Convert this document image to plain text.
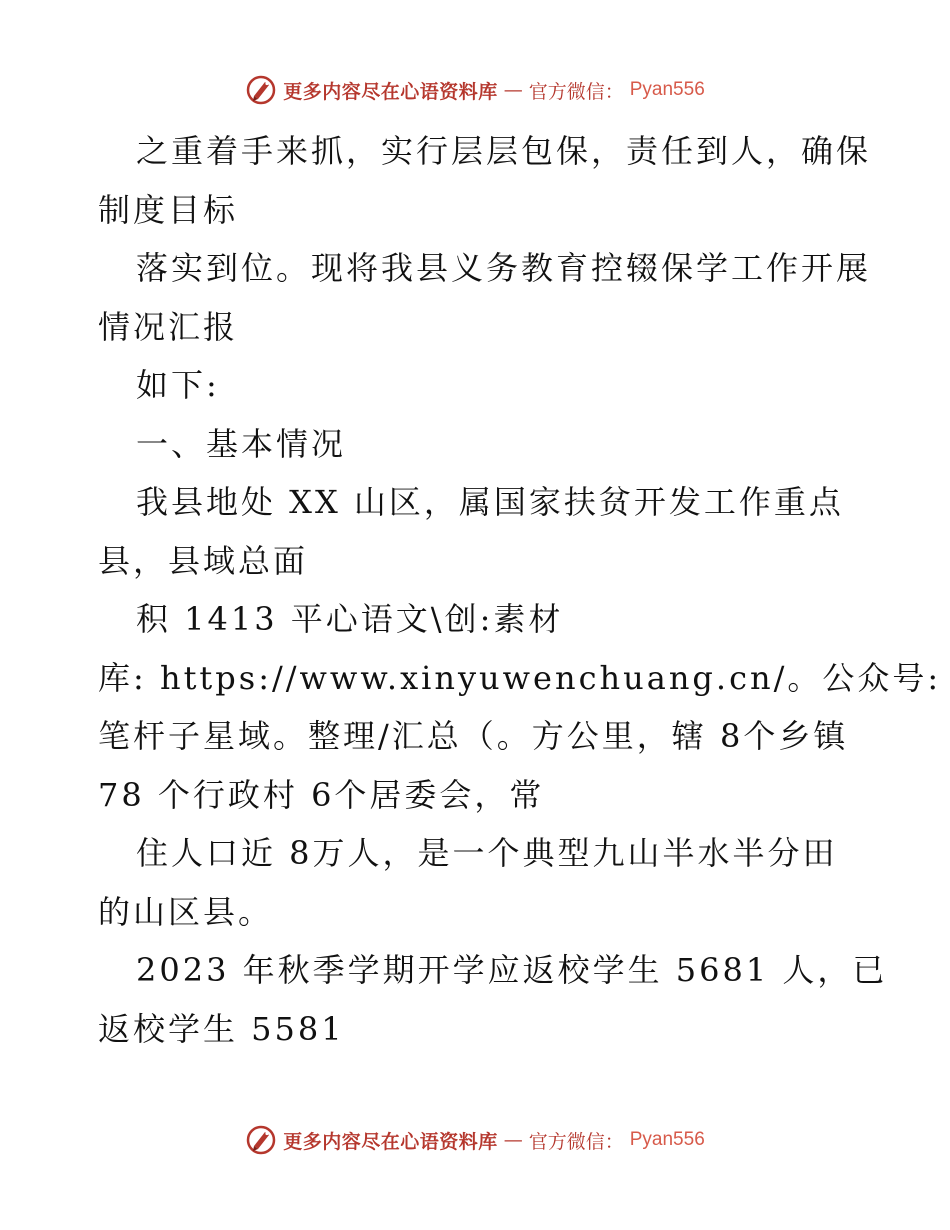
更多内容尽在心语资料库 — 官方微信： Pyan556
之重着手来抓，实行层层包保，责任到人，确保
制度目标
落实到位。现将我县义务教育控辍保学工作开展
情况汇报
如下:
一、基本情况
我县地处 XX 山区，属国家扶贫开发工作重点
县，县域总面
积 1413 平心语文\创:素材
库: https://www.xinyuwenchuang.cn/。公众号:
笔杆子星域。整理/汇总（。方公里，辖 8个乡镇
78 个行政村 6个居委会，常
住人口近 8万人，是一个典型九山半水半分田
的山区县。
2023 年秋季学期开学应返校学生 5681 人，已
返校学生 5581
更多内容尽在心语资料库 — 官方微信： Pyan556
